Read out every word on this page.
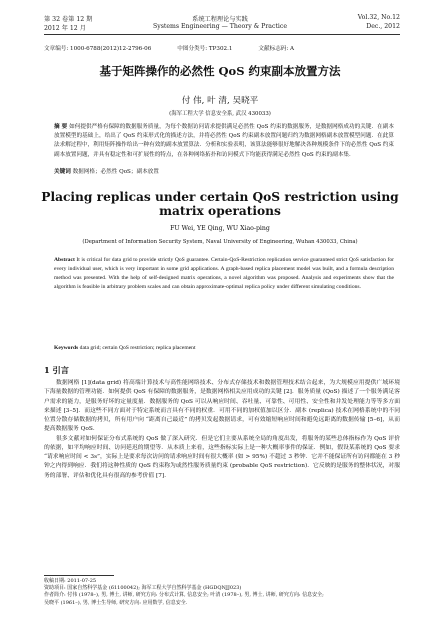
第 32 卷第 12 期	系统工程理论与实践	Vol.32, No.12
2012 年 12 月	Systems Engineering — Theory & Practice	Dec., 2012
文章编号: 1000-6788(2012)12-2796-06	中图分类号: TP302.1	文献标志码: A
基于矩阵操作的必然性 QoS 约束副本放置方法
付 伟, 叶 清, 吴晓平
(海军工程大学 信息安全系, 武汉 430033)
摘 要 如何提供严格有保障的数据服务质量，为每个数据访问请求提供满足必然性 QoS 约束的数据服务，是数据网格成功的关键．在副本放置模型的基础上，给出了 QoS 约束形式化的描述方法，并将必然性 QoS 约束副本放置问题归约为数据网格副本放置模型问题．在此算法求解过程中，利用矩阵操作给出一种有效的副本放置算法．分析和实验表明，该算法能够很好地解决各种规模条件下的必然性 QoS 约束副本放置问题，并具有稳定性和可扩展性的特点，在各种网络拓扑和访问模式下均能获得满足必然性 QoS 约束的副本集．
关键词 数据网格；必然性 QoS；副本放置
Placing replicas under certain QoS restriction using matrix operations
FU Wei, YE Qing, WU Xiao-ping
(Department of Information Security System, Naval University of Engineering, Wuhan 430033, China)
Abstract It is critical for data grid to provide strictly QoS guarantee. Certain-QoS-Restriction replication service guaranteed strict QoS satisfaction for every individual user, which is very important in some grid applications. A graph-based replica placement model was built, and a formula description method was presented. With the help of self-designed matrix operations, a novel algorithm was proposed. Analysis and experiments show that the algorithm is feasible in arbitrary problem scales and can obtain approximate-optimal replica policy under different simulating conditions.
Keywords data grid; certain QoS restriction; replica placement
1 引言

数据网格 [1](data grid) 将高端计算技术与高性能网络技术、分布式存储技术和数据管理技术结合起来，为大规模应用提供广域环境下海量数据的管理功能．如何提供 QoS 有保障的数据服务，是数据网格相关应用成功的关键 [2]．服务质量 (QoS) 描述了一个服务满足客户需求的能力，是服务好坏的定量度量．数据服务的 QoS 可以从响应时间、吞吐量、可靠性、可用性、安全性和并发处理能力等等多方面来描述 [3–5]．而这些不同方面对于特定系统而言具有不同的权重．可用不同的加权值加以区分．副本 (replica) 技术在网格系统中的不同位置分散存储数据的拷贝，所有用户向 “距离自己最近” 的拷贝发起数据请求，可有效缩短响应时间和避免远距离的数据传输 [5–6]，从而提高数据服务 QoS．

很多文献对如何保证分布式系统的 QoS 做了深入研究．但是它们主要从系统全局的角度出发，将服务的某些总体指标作为 QoS 评价的依据，如平均响应时间、访问延迟的期望等．从本质上来看，这些指标实际上是一种大概率事件的保证．例如，假设某系统的 QoS 要求 “请求响应时间 < 3s”，实际上是要求每次访问的请求响应时间有很大概率 (如 > 95%) 不超过 3 秒钟．它并不能保证所有访问都能在 3 秒钟之内得到响应．我们将这种性质的 QoS 约束称为或然性服务质量约束 (probable QoS restriction)．它反映的是服务的整体状况，对服务的部署、评估和优化具有很高的参考价值 [7]．

收稿日期: 2011-07-25
资助项目: 国家自然科学基金 (61100042); 海军工程大学自然科学基金 (HGDQNJJ023)
作者简介: 付伟 (1978–), 男, 博士, 讲师, 研究方向: 分布式计算, 信息安全; 叶清 (1978–), 男, 博士, 讲师, 研究方向: 信息安全;
吴晓平 (1961–), 男, 博士生导师, 研究方向: 应用数学, 信息安全.
